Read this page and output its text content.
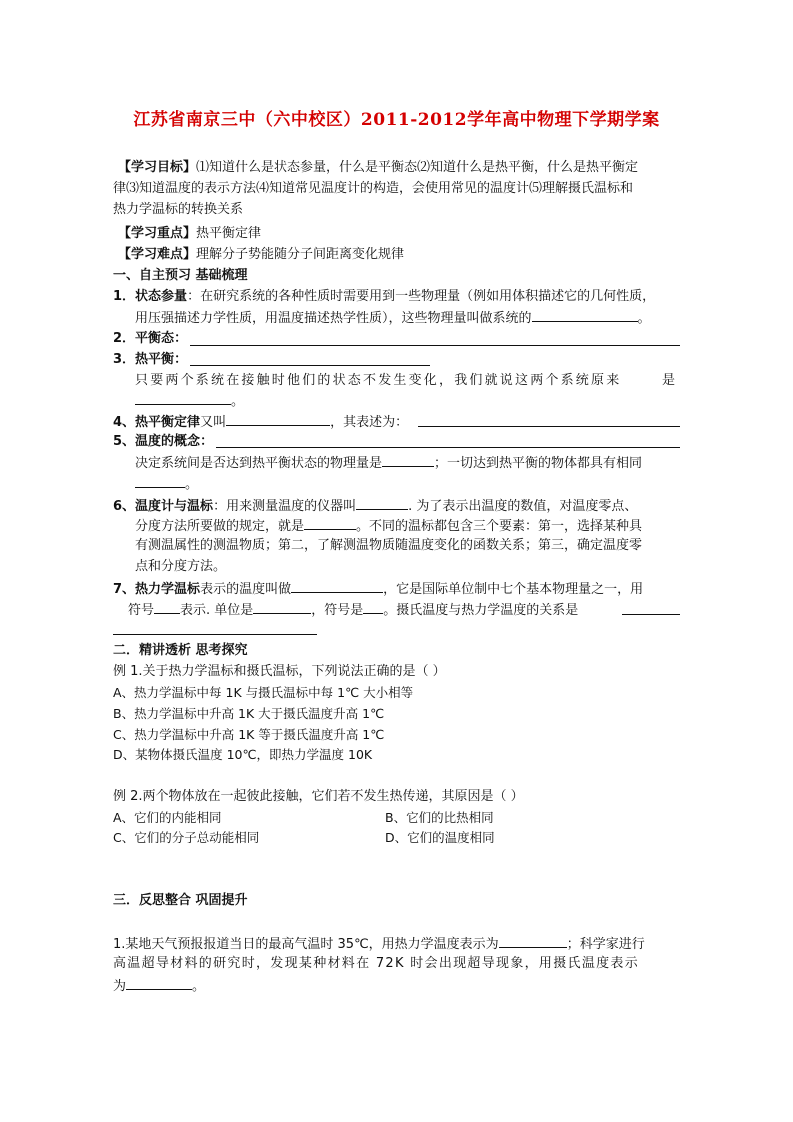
江苏省南京三中（六中校区）2011-2012学年高中物理下学期学案
【学习目标】⑴知道什么是状态参量，什么是平衡态⑵知道什么是热平衡，什么是热平衡定
律⑶知道温度的表示方法⑷知道常见温度计的构造，会使用常见的温度计⑸理解摄氏温标和
热力学温标的转换关系
【学习重点】热平衡定律
【学习难点】理解分子势能随分子间距离变化规律
一、自主预习 基础梳理
1．状态参量：在研究系统的各种性质时需要用到一些物理量（例如用体积描述它的几何性质，
用压强描述力学性质，用温度描述热学性质），这些物理量叫做系统的	。
2．平衡态：
3．热平衡：
只要两个系统在接触时他们的状态不发生变化，我们就说这两个系统原来
。
是
4、热平衡定律又叫	，其表述为：
5、温度的概念：
决定系统间是否达到热平衡状态的物理量是	；一切达到热平衡的物体都具有相同
。
6、温度计与温标：用来测量温度的仪器叫	. 为了表示出温度的数值，对温度零点、
分度方法所要做的规定，就是	。不同的温标都包含三个要素：第一，选择某种具
有测温属性的测温物质；第二，了解测温物质随温度变化的函数关系；第三，确定温度零
点和分度方法。
7、热力学温标表示的温度叫做	，它是国际单位制中七个基本物理量之一，用
符号 表示. 单位是	，符号是 。摄氏温度与热力学温度的关系是
二．精讲透析 思考探究
例 1.关于热力学温标和摄氏温标，下列说法正确的是（ ）
A、热力学温标中每 1K 与摄氏温标中每 1℃ 大小相等
B、热力学温标中升高 1K 大于摄氏温度升高 1℃
C、热力学温标中升高 1K 等于摄氏温度升高 1℃
D、某物体摄氏温度 10℃，即热力学温度 10K
例 2.两个物体放在一起彼此接触，它们若不发生热传递，其原因是（ ）
A、它们的内能相同	B、它们的比热相同
C、它们的分子总动能相同	D、它们的温度相同
三．反思整合 巩固提升
1.某地天气预报报道当日的最高气温时 35℃，用热力学温度表示为	；科学家进行
高温超导材料的研究时，发现某种材料在 72K 时会出现超导现象，用摄氏温度表示
为	。
